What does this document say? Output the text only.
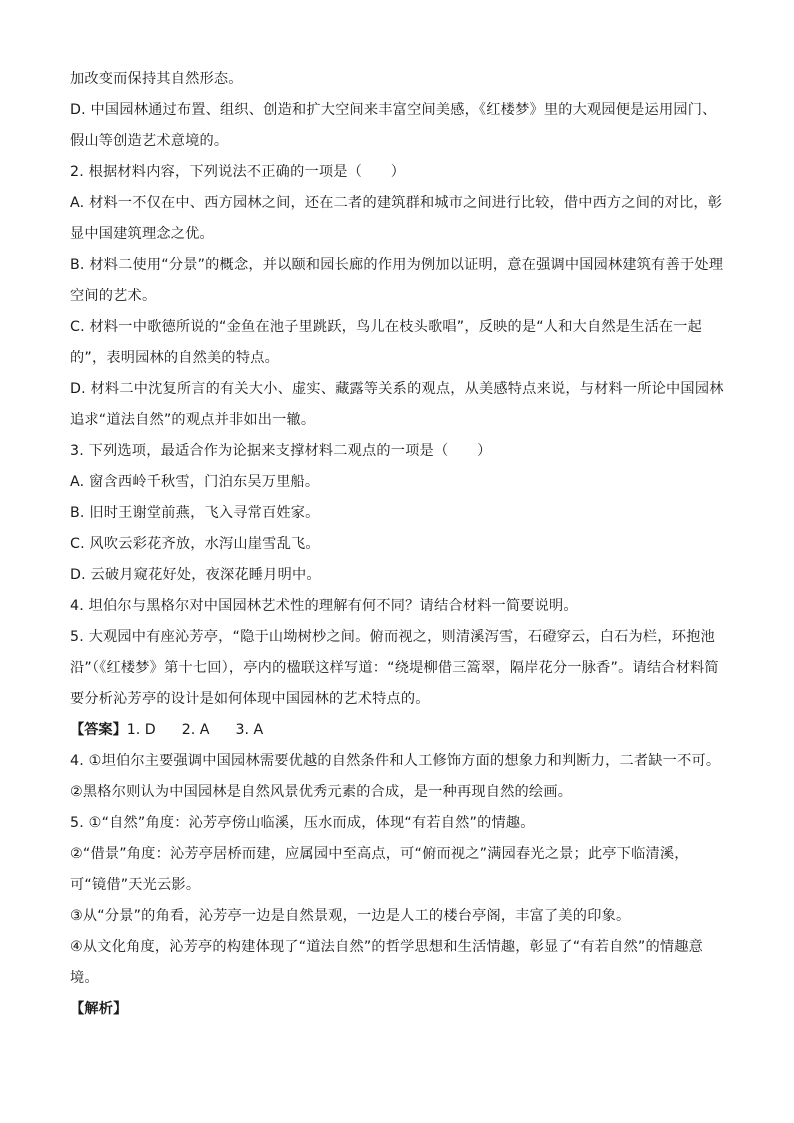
加改变而保持其自然形态。

D. 中国园林通过布置、组织、创造和扩大空间来丰富空间美感，《红楼梦》里的大观园便是运用园门、假山等创造艺术意境的。

2. 根据材料内容，下列说法不正确的一项是（　　）

A. 材料一不仅在中、西方园林之间，还在二者的建筑群和城市之间进行比较，借中西方之间的对比，彰显中国建筑理念之优。

B. 材料二使用“分景”的概念，并以颐和园长廊的作用为例加以证明，意在强调中国园林建筑有善于处理空间的艺术。

C. 材料一中歌德所说的“金鱼在池子里跳跃，鸟儿在枝头歌唱”，反映的是“人和大自然是生活在一起的”，表明园林的自然美的特点。

D. 材料二中沈复所言的有关大小、虚实、藏露等关系的观点，从美感特点来说，与材料一所论中国园林追求“道法自然”的观点并非如出一辙。

3. 下列选项，最适合作为论据来支撑材料二观点的一项是（　　）

A. 窗含西岭千秋雪，门泊东吴万里船。

B. 旧时王谢堂前燕，飞入寻常百姓家。

C. 风吹云彩花齐放，水泻山崖雪乱飞。

D. 云破月窥花好处，夜深花睡月明中。

4. 坦伯尔与黑格尔对中国园林艺术性的理解有何不同？请结合材料一简要说明。

5. 大观园中有座沁芳亭，“隐于山坳树杪之间。俯而视之，则清溪泻雪，石磴穿云，白石为栏，环抱池沿”（《红楼梦》第十七回），亭内的楹联这样写道：“绕堤柳借三篙翠，隔岸花分一脉香”。请结合材料简要分析沁芳亭的设计是如何体现中国园林的艺术特点的。

【答案】1. D 2. A 3. A

4. ①坦伯尔主要强调中国园林需要优越的自然条件和人工修饰方面的想象力和判断力，二者缺一不可。

②黑格尔则认为中国园林是自然风景优秀元素的合成，是一种再现自然的绘画。

5. ①“自然”角度：沁芳亭傍山临溪，压水而成，体现“有若自然”的情趣。

②“借景”角度：沁芳亭居桥而建，应属园中至高点，可“俯而视之”满园春光之景；此亭下临清溪，可“镜借”天光云影。

③从“分景”的角看，沁芳亭一边是自然景观，一边是人工的楼台亭阁，丰富了美的印象。

④从文化角度，沁芳亭的构建体现了“道法自然”的哲学思想和生活情趣，彰显了“有若自然”的情趣意境。

【解析】
